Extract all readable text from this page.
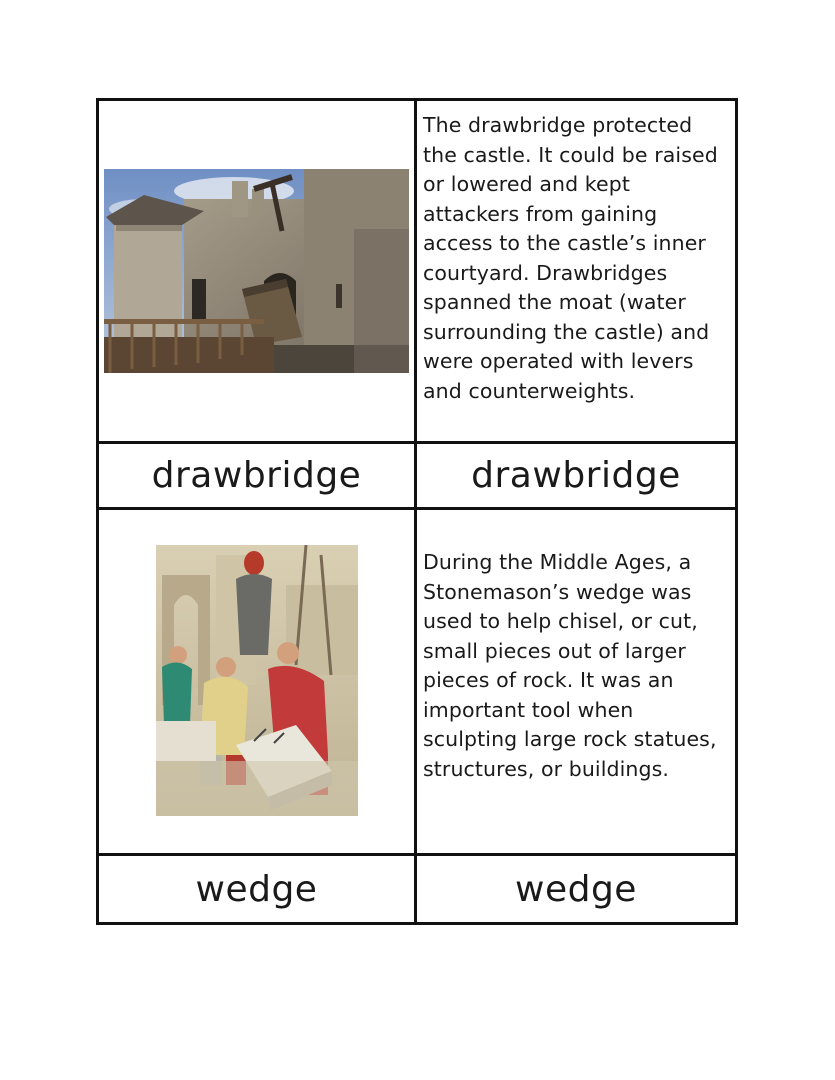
The drawbridge protected the castle. It could be raised or lowered and kept attackers from gaining access to the castle’s inner courtyard. Drawbridges spanned the moat (water surrounding the castle) and were operated with levers and counterweights.

drawbridge	drawbridge

During the Middle Ages, a Stonemason’s wedge was used to help chisel, or cut, small pieces out of larger pieces of rock. It was an important tool when sculpting large rock statues, structures, or buildings.

wedge	wedge
